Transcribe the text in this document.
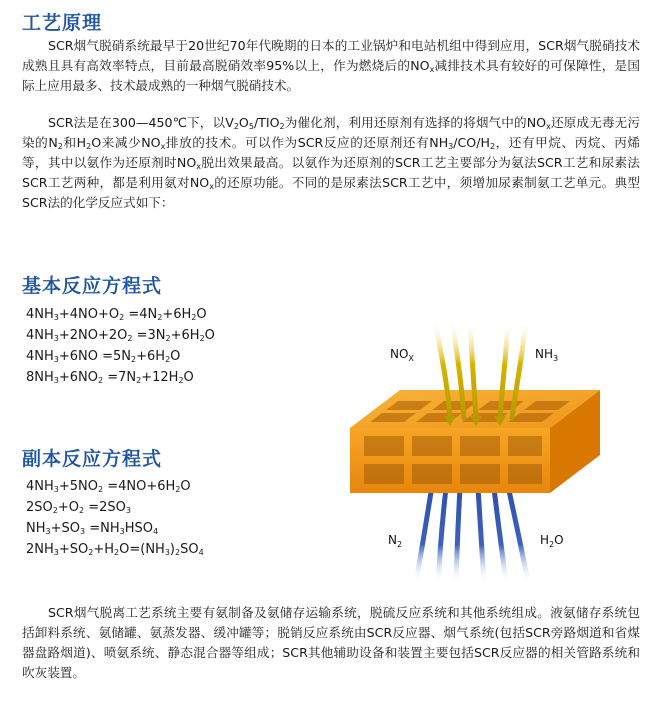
工艺原理

SCR烟气脱硝系统最早于20世纪70年代晚期的日本的工业锅炉和电站机组中得到应用，SCR烟气脱硝技术成熟且具有高效率特点，目前最高脱硝效率95%以上，作为燃烧后的$NO_x$减排技术具有较好的可保障性，是国际上应用最多、技术最成熟的一种烟气脱硝技术。

SCR法是在300—450℃下，以$V_2O_5/TIO_2$为催化剂，利用还原剂有选择的将烟气中的$NO_x$还原成无毒无污染的$N_2$和$H_2O$来减少$NO_x$排放的技术。可以作为SCR反应的还原剂还有$NH_3/CO/H_2$，还有甲烷、丙烷、丙烯等，其中以氨作为还原剂时$NO_x$脱出效果最高。以氨作为还原剂的SCR工艺主要部分为氨法SCR工艺和尿素法SCR工艺两种，都是利用氨对$NO_x$的还原功能。不同的是尿素法SCR工艺中，须增加尿素制氨工艺单元。典型SCR法的化学反应式如下：

基本反应方程式
$4NH_3+4NO+O_2 =4N_2+6H_2O$
$4NH_3+2NO+2O_2 =3N_2+6H_2O$
$4NH_3+6NO =5N_2+6H_2O$
$8NH_3+6NO_2 =7N_2+12H_2O$
副本反应方程式
$4NH_3+5NO_2 =4NO+6H_2O$
$2SO_2+O_2 =2SO_3$
$NH_3+SO_3 =NH_3HSO_4$
$2NH_3+SO_2+H_2O=(NH_3)_2SO_4$
$NO_X$	$NH_3$
$N_2$	$H_2O$

SCR烟气脱离工艺系统主要有氨制备及氨储存运输系统，脱硫反应系统和其他系统组成。液氨储存系统包括卸料系统、氨储罐、氨蒸发器、缓冲罐等；脱销反应系统由SCR反应器、烟气系统(包括SCR旁路烟道和省煤器盘路烟道)、喷氨系统、静态混合器等组成；SCR其他辅助设备和装置主要包括SCR反应器的相关管路系统和吹灰装置。
